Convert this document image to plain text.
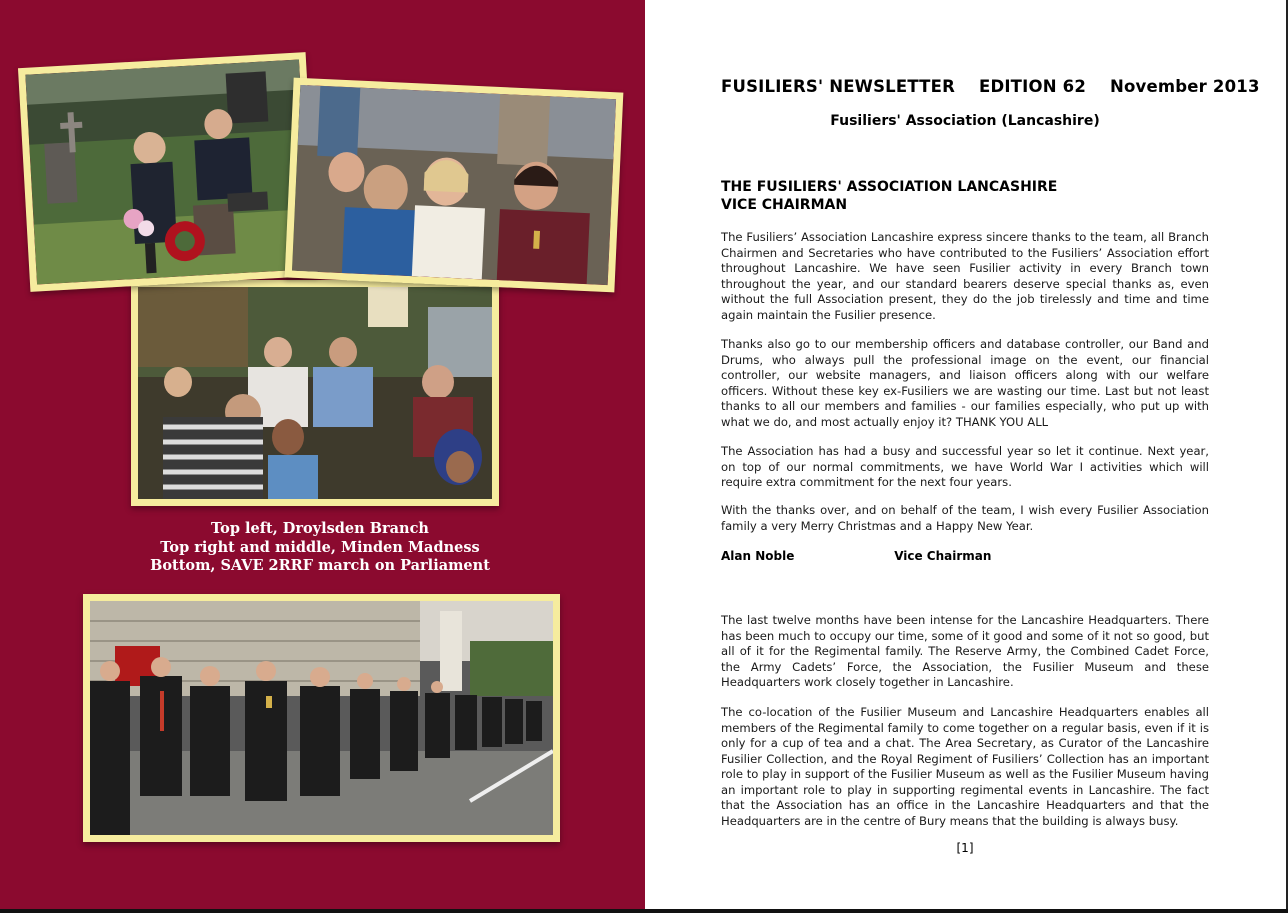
Top left, Droylsden Branch
Top right and middle, Minden Madness
Bottom, SAVE 2RRF march on Parliament
FUSILIERS' NEWSLETTER EDITION 62 November 2013
Fusiliers' Association (Lancashire)
THE FUSILIERS' ASSOCIATION LANCASHIRE
VICE CHAIRMAN

The Fusiliers’ Association Lancashire express sincere thanks to the team, all Branch Chairmen and Secretaries who have contributed to the Fusiliers’ Association effort throughout Lancashire. We have seen Fusilier activity in every Branch town throughout the year, and our standard bearers deserve special thanks as, even without the full Association present, they do the job tirelessly and time and time again maintain the Fusilier presence.

Thanks also go to our membership officers and database controller, our Band and Drums, who always pull the professional image on the event, our financial controller, our website managers, and liaison officers along with our welfare officers. Without these key ex-Fusiliers we are wasting our time. Last but not least thanks to all our members and families - our families especially, who put up with what we do, and most actually enjoy it? THANK YOU ALL

The Association has had a busy and successful year so let it continue. Next year, on top of our normal commitments, we have World War I activities which will require extra commitment for the next four years.

With the thanks over, and on behalf of the team, I wish every Fusilier Association family a very Merry Christmas and a Happy New Year.

Alan Noble	Vice Chairman

The last twelve months have been intense for the Lancashire Headquarters. There has been much to occupy our time, some of it good and some of it not so good, but all of it for the Regimental family. The Reserve Army, the Combined Cadet Force, the Army Cadets’ Force, the Association, the Fusilier Museum and these Headquarters work closely together in Lancashire.

The co-location of the Fusilier Museum and Lancashire Headquarters enables all members of the Regimental family to come together on a regular basis, even if it is only for a cup of tea and a chat. The Area Secretary, as Curator of the Lancashire Fusilier Collection, and the Royal Regiment of Fusiliers’ Collection has an important role to play in support of the Fusilier Museum as well as the Fusilier Museum having an important role to play in supporting regimental events in Lancashire. The fact that the Association has an office in the Lancashire Headquarters and that the Headquarters are in the centre of Bury means that the building is always busy.

[1]
